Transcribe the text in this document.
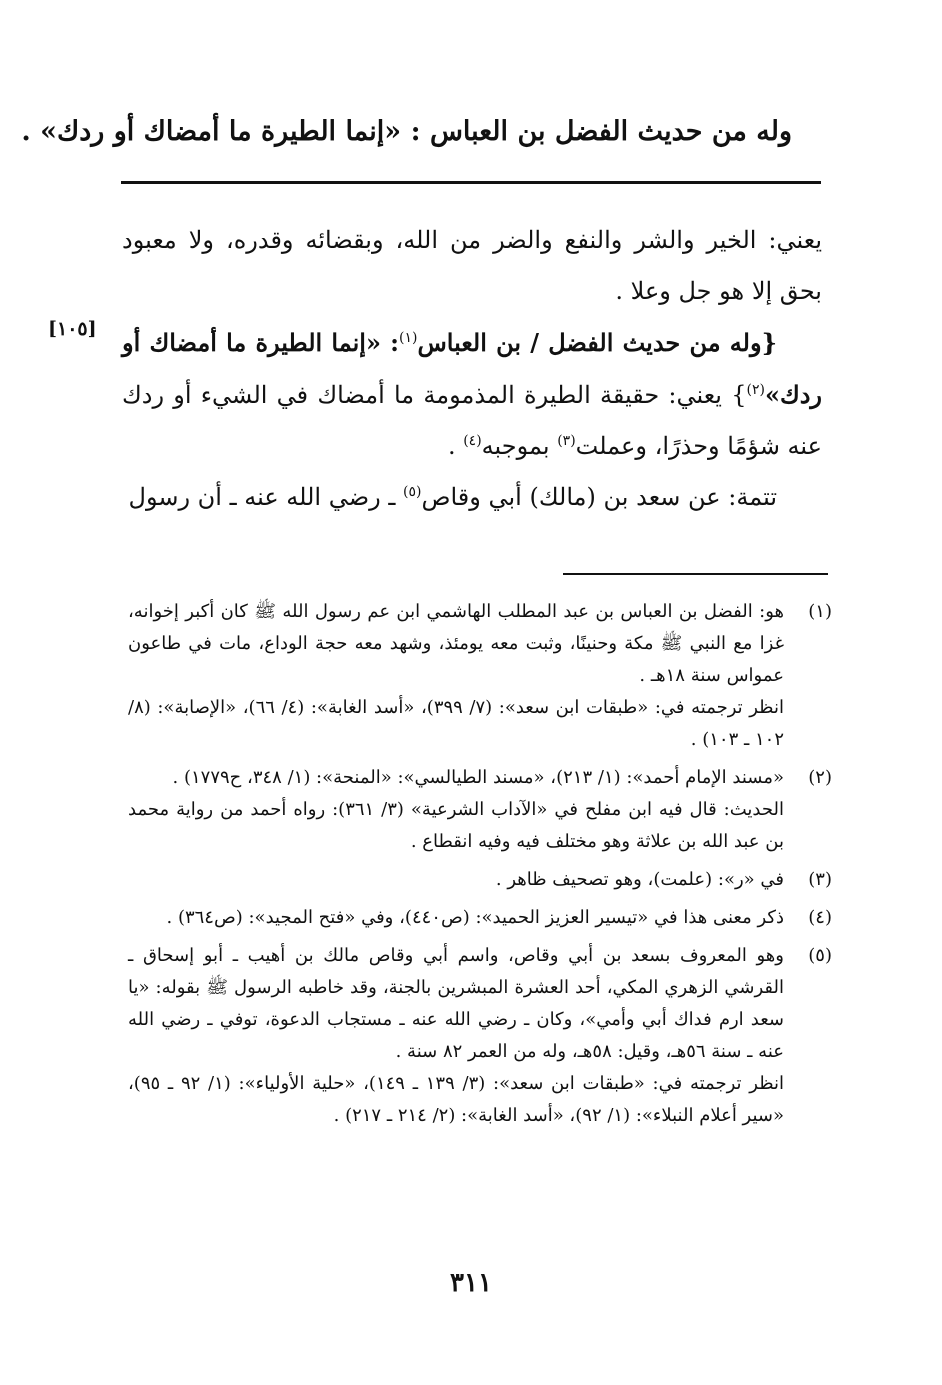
وله من حديث الفضل بن العباس : «إنما الطيرة ما أمضاك أو ردك» .
[١٠٥]

يعني: الخير والشر والنفع والضر من الله، وبقضائه وقدره، ولا معبود بحق إلا هو جل وعلا .

{وله من حديث الفضل / بن العباس$^{(١)}$: «إنما الطيرة ما أمضاك أو ردك»$^{(٢)}$} يعني: حقيقة الطيرة المذمومة ما أمضاك في الشيء أو ردك عنه شؤمًا وحذرًا، وعملت$^{(٣)}$ بموجبه$^{(٤)}$ .

تتمة: عن سعد بن (مالك) أبي وقاص$^{(٥)}$ ـ رضي الله عنه ـ أن رسول

(١)
هو: الفضل بن العباس بن عبد المطلب الهاشمي ابن عم رسول الله ﷺ كان أكبر إخوانه، غزا مع النبي ﷺ مكة وحنينًا، وثبت معه يومئذ، وشهد معه حجة الوداع، مات في طاعون عمواس سنة ١٨هـ .
انظر ترجمته في: «طبقات ابن سعد»: (٧/ ٣٩٩)، «أسد الغابة»: (٤/ ٦٦)، «الإصابة»: (٨/ ١٠٢ ـ ١٠٣) .
(٢)
«مسند الإمام أحمد»: (١/ ٢١٣)، «مسند الطيالسي»: «المنحة»: (١/ ٣٤٨، ح١٧٧٩) .
الحديث: قال فيه ابن مفلح في «الآداب الشرعية» (٣/ ٣٦١): رواه أحمد من رواية محمد بن عبد الله بن علاثة وهو مختلف فيه وفيه انقطاع .
(٣)
في «ر»: (علمت)، وهو تصحيف ظاهر .
(٤)
ذكر معنى هذا في «تيسير العزيز الحميد»: (ص٤٤٠)، وفي «فتح المجيد»: (ص٣٦٤) .
(٥)
وهو المعروف بسعد بن أبي وقاص، واسم أبي وقاص مالك بن أهيب ـ أبو إسحاق ـ القرشي الزهري المكي، أحد العشرة المبشرين بالجنة، وقد خاطبه الرسول ﷺ بقوله: «يا سعد ارم فداك أبي وأمي»، وكان ـ رضي الله عنه ـ مستجاب الدعوة، توفي ـ رضي الله عنه ـ سنة ٥٦هـ، وقيل: ٥٨هـ، وله من العمر ٨٢ سنة .
انظر ترجمته في: «طبقات ابن سعد»: (٣/ ١٣٩ ـ ١٤٩)، «حلية الأولياء»: (١/ ٩٢ ـ ٩٥)، «سير أعلام النبلاء»: (١/ ٩٢)، «أسد الغابة»: (٢/ ٢١٤ ـ ٢١٧) .
٣١١
